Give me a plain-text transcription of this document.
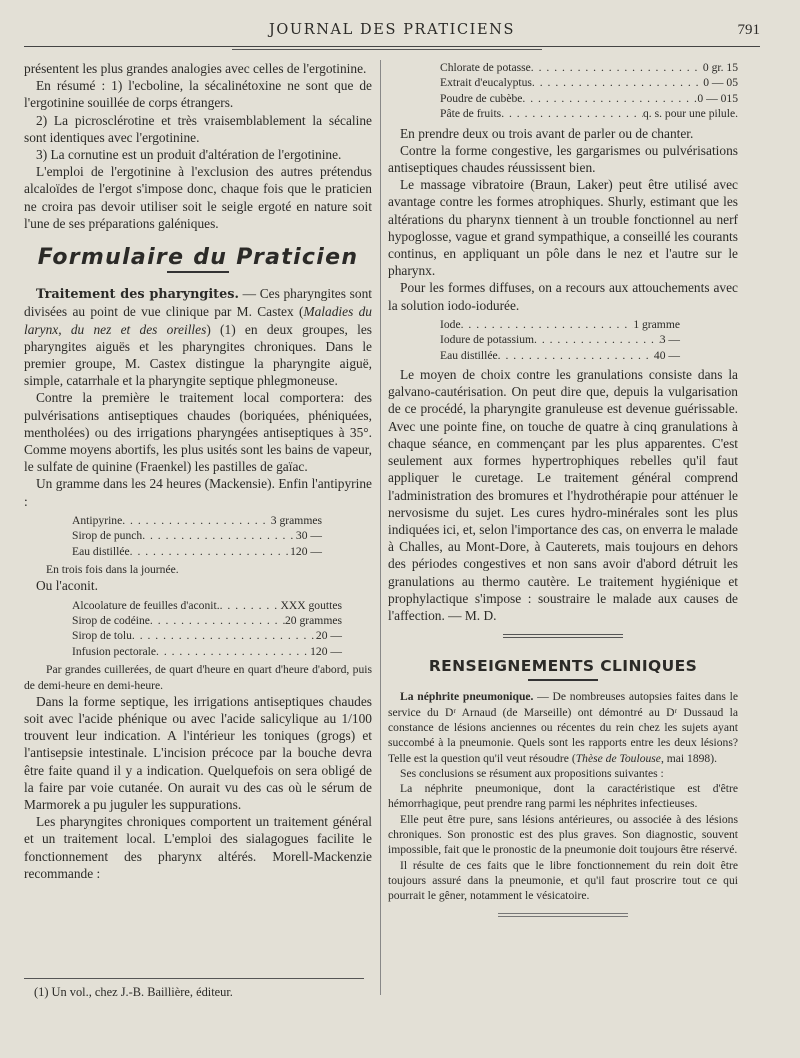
JOURNAL DES PRATICIENS	791

présentent les plus grandes analogies avec celles de l'ergotinine.

En résumé : 1) l'ecboline, la sécalinétoxine ne sont que de l'ergotinine souillée de corps étrangers.

2) La picrosclérotine et très vraisemblablement la sécaline sont identiques avec l'ergotinine.

3) La cornutine est un produit d'altération de l'ergotinine.

L'emploi de l'ergotinine à l'exclusion des autres prétendus alcaloïdes de l'ergot s'impose donc, chaque fois que le praticien ne croira pas devoir utiliser soit le seigle ergoté en nature soit l'une de ses préparations galéniques.

Formulaire du Praticien

Traitement des pharyngites. — Ces pharyngites sont divisées au point de vue clinique par M. Castex (Maladies du larynx, du nez et des oreilles) (1) en deux groupes, les pharyngites aiguës et les pharyngites chroniques. Dans le premier groupe, M. Castex distingue la pharyngite aiguë, simple, catarrhale et la pharyngite septique phlegmoneuse.

Contre la première le traitement local comportera: des pulvérisations antiseptiques chaudes (boriquées, phéniquées, mentholées) ou des irrigations pharyngées antiseptiques à 35°. Comme moyens abortifs, les plus usités sont les bains de vapeur, le sulfate de quinine (Fraenkel) les pastilles de gaïac.

Un gramme dans les 24 heures (Mackensie). Enfin l'antipyrine :

Antipyrine . . .	3 grammes
Sirop de punch . . .	30 —
Eau distillée . . .	120 —

En trois fois dans la journée.

Ou l'aconit.

Alcoolature de feuilles d'aconit. . . .	XXX gouttes
Sirop de codéine . . .	20 grammes
Sirop de tolu . . .	20 —
Infusion pectorale . . .	120 —

Par grandes cuillerées, de quart d'heure en quart d'heure d'abord, puis de demi-heure en demi-heure.

Dans la forme septique, les irrigations antiseptiques chaudes soit avec l'acide phénique ou avec l'acide salicylique au 1/100 trouvent leur indication. A l'intérieur les toniques (grogs) et l'antisepsie intestinale. L'incision précoce par la bouche devra être faite quand il y a indication. Quelquefois on sera obligé de la faire par voie cutanée. On aurait vu des cas où le sérum de Marmorek a pu juguler les suppurations.

Les pharyngites chroniques comportent un traitement général et un traitement local. L'emploi des sialagogues facilite le fonctionnement des pharynx altérés. Morell-Mackenzie recommande :

Chlorate de potasse . . .	0 gr. 15
Extrait d'eucalyptus . . .	0 — 05
Poudre de cubèbe . . .	0 — 015
Pâte de fruits . . .	q. s. pour une pilule.

En prendre deux ou trois avant de parler ou de chanter.

Contre la forme congestive, les gargarismes ou pulvérisations antiseptiques chaudes réussissent bien.

Le massage vibratoire (Braun, Laker) peut être utilisé avec avantage contre les formes atrophiques. Shurly, estimant que les altérations du pharynx tiennent à un trouble fonctionnel au nerf hypoglosse, vague et grand sympathique, a conseillé les courants continus, en appliquant un pôle dans le nez et l'autre sur le pharynx.

Pour les formes diffuses, on a recours aux attouchements avec la solution iodo-iodurée.

Iode . . .	1 gramme
Iodure de potassium . . .	3 —
Eau distillée . . .	40 —

Le moyen de choix contre les granulations consiste dans la galvano-cautérisation. On peut dire que, depuis la vulgarisation de ce procédé, la pharyngite granuleuse est devenue guérissable. Avec une pointe fine, on touche de quatre à cinq granulations à chaque séance, en commençant par les plus apparentes. C'est seulement aux formes hypertrophiques rebelles qu'il faut appliquer le curetage. Le traitement général comprend l'administration des bromures et l'hydrothérapie pour atténuer le nervosisme du sujet. Les cures hydro-minérales sont les plus indiquées ici, et, selon l'importance des cas, on enverra le malade à Challes, au Mont-Dore, à Cauterets, mais toujours en dehors des périodes congestives et non sans avoir d'abord détruit les granulations au thermo cautère. Le traitement hygiénique et prophylactique s'impose : soustraire le malade aux causes de l'affection. — M. D.

RENSEIGNEMENTS CLINIQUES

La néphrite pneumonique. — De nombreuses autopsies faites dans le service du Dʳ Arnaud (de Marseille) ont démontré au Dʳ Dussaud la constance de lésions anciennes ou récentes du rein chez les sujets ayant succombé à la pneumonie. Quels sont les rapports entre les deux lésions? Telle est la question qu'il veut résoudre (Thèse de Toulouse, mai 1898).

Ses conclusions se résument aux propositions suivantes :

La néphrite pneumonique, dont la caractéristique est d'être hémorrhagique, peut prendre rang parmi les néphrites infectieuses.

Elle peut être pure, sans lésions antérieures, ou associée à des lésions chroniques. Son pronostic est des plus graves. Son diagnostic, souvent impossible, fait que le pronostic de la pneumonie doit toujours être réservé.

Il résulte de ces faits que le libre fonctionnement du rein doit être toujours assuré dans la pneumonie, et qu'il faut proscrire tout ce qui pourrait le gêner, notamment le vésicatoire.

(1) Un vol., chez J.-B. Baillière, éditeur.
